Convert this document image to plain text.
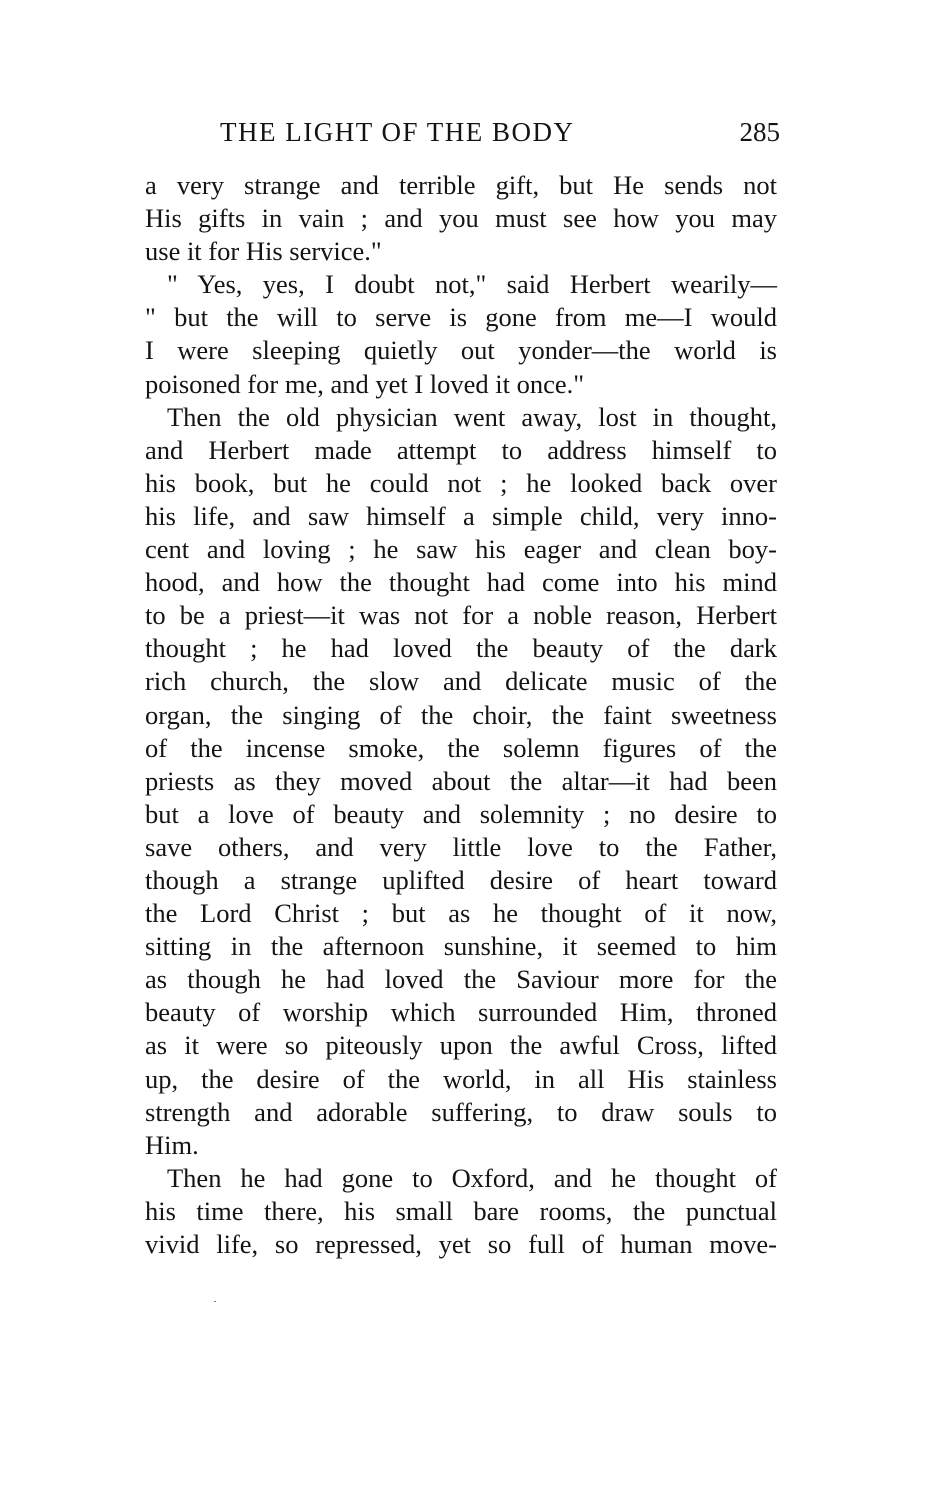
THE LIGHT OF THE BODY	285
a very strange and terrible gift, but He sends not
His gifts in vain ; and you must see how you may
use it for His service."
" Yes, yes, I doubt not," said Herbert wearily—
" but the will to serve is gone from me—I would
I were sleeping quietly out yonder—the world is
poisoned for me, and yet I loved it once."
Then the old physician went away, lost in thought,
and Herbert made attempt to address himself to
his book, but he could not ; he looked back over
his life, and saw himself a simple child, very inno-
cent and loving ; he saw his eager and clean boy-
hood, and how the thought had come into his mind
to be a priest—it was not for a noble reason, Herbert
thought ; he had loved the beauty of the dark
rich church, the slow and delicate music of the
organ, the singing of the choir, the faint sweetness
of the incense smoke, the solemn figures of the
priests as they moved about the altar—it had been
but a love of beauty and solemnity ; no desire to
save others, and very little love to the Father,
though a strange uplifted desire of heart toward
the Lord Christ ; but as he thought of it now,
sitting in the afternoon sunshine, it seemed to him
as though he had loved the Saviour more for the
beauty of worship which surrounded Him, throned
as it were so piteously upon the awful Cross, lifted
up, the desire of the world, in all His stainless
strength and adorable suffering, to draw souls to
Him.
Then he had gone to Oxford, and he thought of
his time there, his small bare rooms, the punctual
vivid life, so repressed, yet so full of human move-
